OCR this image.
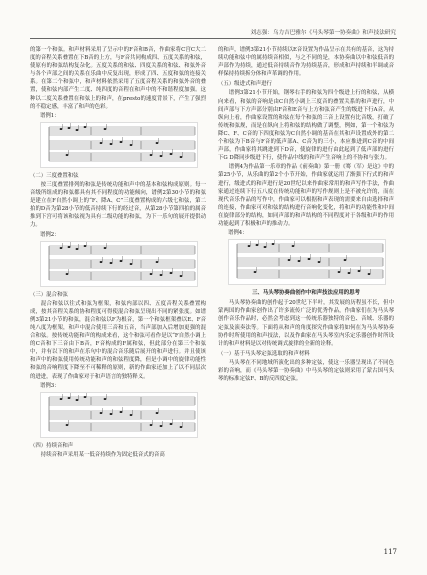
刘志强：乌力吉巴雅尔《马头琴第一协奏曲》和声技法研究
的第一个和弦。和声材料采用了呈示中的F音和B音，作曲家将C宫C大二度的音程关系叠置在下B音的上方，与F音共同构成四、五度关系的和弦，使原有的和弦结构复杂化。五度关系的和弦、四度关系的和弦、和弦外音与各个声部之间的关系在乐曲中反复出现，形成了四、五度和弦的连接关系。在第二个和弦中，和声材料依然采用了五度音程关系的和弦外音的叠置，使和弦内部产生二度、纯四度的音程在和声中的不和谐程度加强。这种以二度关系叠置在和弦上的和声，在presto的速度背景下，产生了强烈的不稳定感，丰富了和声的色彩。
谱例1：
（二）三度叠置和弦
按三度叠置排列的和弦是传统功能和声中的基本和弦构成原则。每一音级所组成的和弦都具有其不同程度的功能倾向，谱例2第30小节的和弦是建立在F自然小调上的“F、降A、C”三度叠置构成的六级七和弦，第二拍的D音为第28小节的低音持续下行的经过音，从第28小节第四拍的属音推到下宫可将该和弦视为具有二级功能的和弦，为下一乐句的展开提供动力。
谱例2：
（三）混合和弦
混合和弦以往式和弦为框架，和弦内部以四、五度音程关系叠置构成，按其音程关系的协和程度可得使混合和弦呈现出不同的紧张度。如谱例3第21小节的和弦，混合和弦以F为根音，第一个和弦框架叠以E、F音纯八度为框架，和声中混合使用三音和五音，当声部加入后增加更强的混合和弦。按传统功能和声的构成来看，这个和弦可看作是以“F自然小调上的C音和下三音由下B音，F音构成的F属和弦，但此部分在第三个和弦中，并有以下的和声在乐句中的混合音乐随后展开的和声进行。并且使该和声中的和弦使用传统功能和声的和弦程度降，但是小调中的旋律功能性和弦的音响程度下降至不可稀释的原则，新的作曲家还加上了以不同层次的进进，表现了作曲家对于和声语言的独特释义。
谱例3：
（四）持续音和声
持续音和声采用某一低音持续作为固定低音式的音高
的和声，谱例3第21小节持续以E音设置为作品呈示在共有的基音，这为持续功能和弦中的属持续音相似，与之不同的是，本协奏曲以中和弦低音的声部作为持续，通过低音持续音作为持续基音，形成和声持续和半调或音样保持持续拆分体和声革调的作用。
（五）级进式和声进行
谱例3第21小节开始，钢琴右手的和弦为四个级进上行的和弦，从横向来看，和弦的音响是由C自然小调上三度音的叠置关系的和声进行，中间声部与下方声部分别由F音和E音与上方和弦音产生的级进下行A音，从纵向上看，作曲家设置的和弦在每个和弦的三音上设置有比音级，打破了传统和弦规，而是在纵向上将和弦的结构做了调整，例如，第一个和弦为降C、F、C音的下四度和弦为C自然小调的基音在其和声设置成外的第二个和弦为下B音与F音的低声部A、C音为的三小，本应推进到C音的中间声部，作曲家将其跳进到下D音，使旋律的进行由此起到了低声部的进行下G D降同步级进下行，使作品中线的和声产生音响上的不协和与张力。
谱例4为作品第一乐章的作品《前奏曲》第一册《骞（军）是这》中的第25小节，从乐曲的第2个小节开始，作曲家就运用了渐强下行式的和声进行，级进式的和声进行是20世纪以来作曲家常用的和声写作手法，作曲家通过连续下行五八度在传统功能和声的写作规则上是不被允许的，而在现代音乐作品的写作中，作曲家可以根据和声表现的需要来自由选择和声的连接，作曲家可对和弦的结构进行音响化变化，将和声的功能性和中间在旋律部分的结构，如同声部的和声结构的不同程度对于各级和声的作用功能起到了积极和声的推动力。
谱例4：
三、马头琴协奏曲创作中和声技法应用的思考
马头琴协奏曲的创作起于20世纪下半叶，其发展的历程虽不长，但中蒙两国的作曲家创作出了许多流传广泛的优秀作品，作曲家们在为马头琴创作音乐作品时，必然会考虑到这一传统乐器独特的音色、音域、乐器的定弦及演奏法等。下面将从和声的角度探究作曲家将如何在为马头琴协奏协作时所使用的和声技法，以及作曲家在马头琴室内乐定乐器创作时所设计的和声材料是以对传统调式旋律的全新的诠释。
（一）基于马头琴定弦选取的和声材料
马头琴在不同地域所演化出的多种定弦，使这一乐器呈现出了不同色彩的音响，而《马头琴第一协奏曲》中马头琴的定弦则采用了蒙古国马头琴的标准定弦F、B的反四度定弦。
117
